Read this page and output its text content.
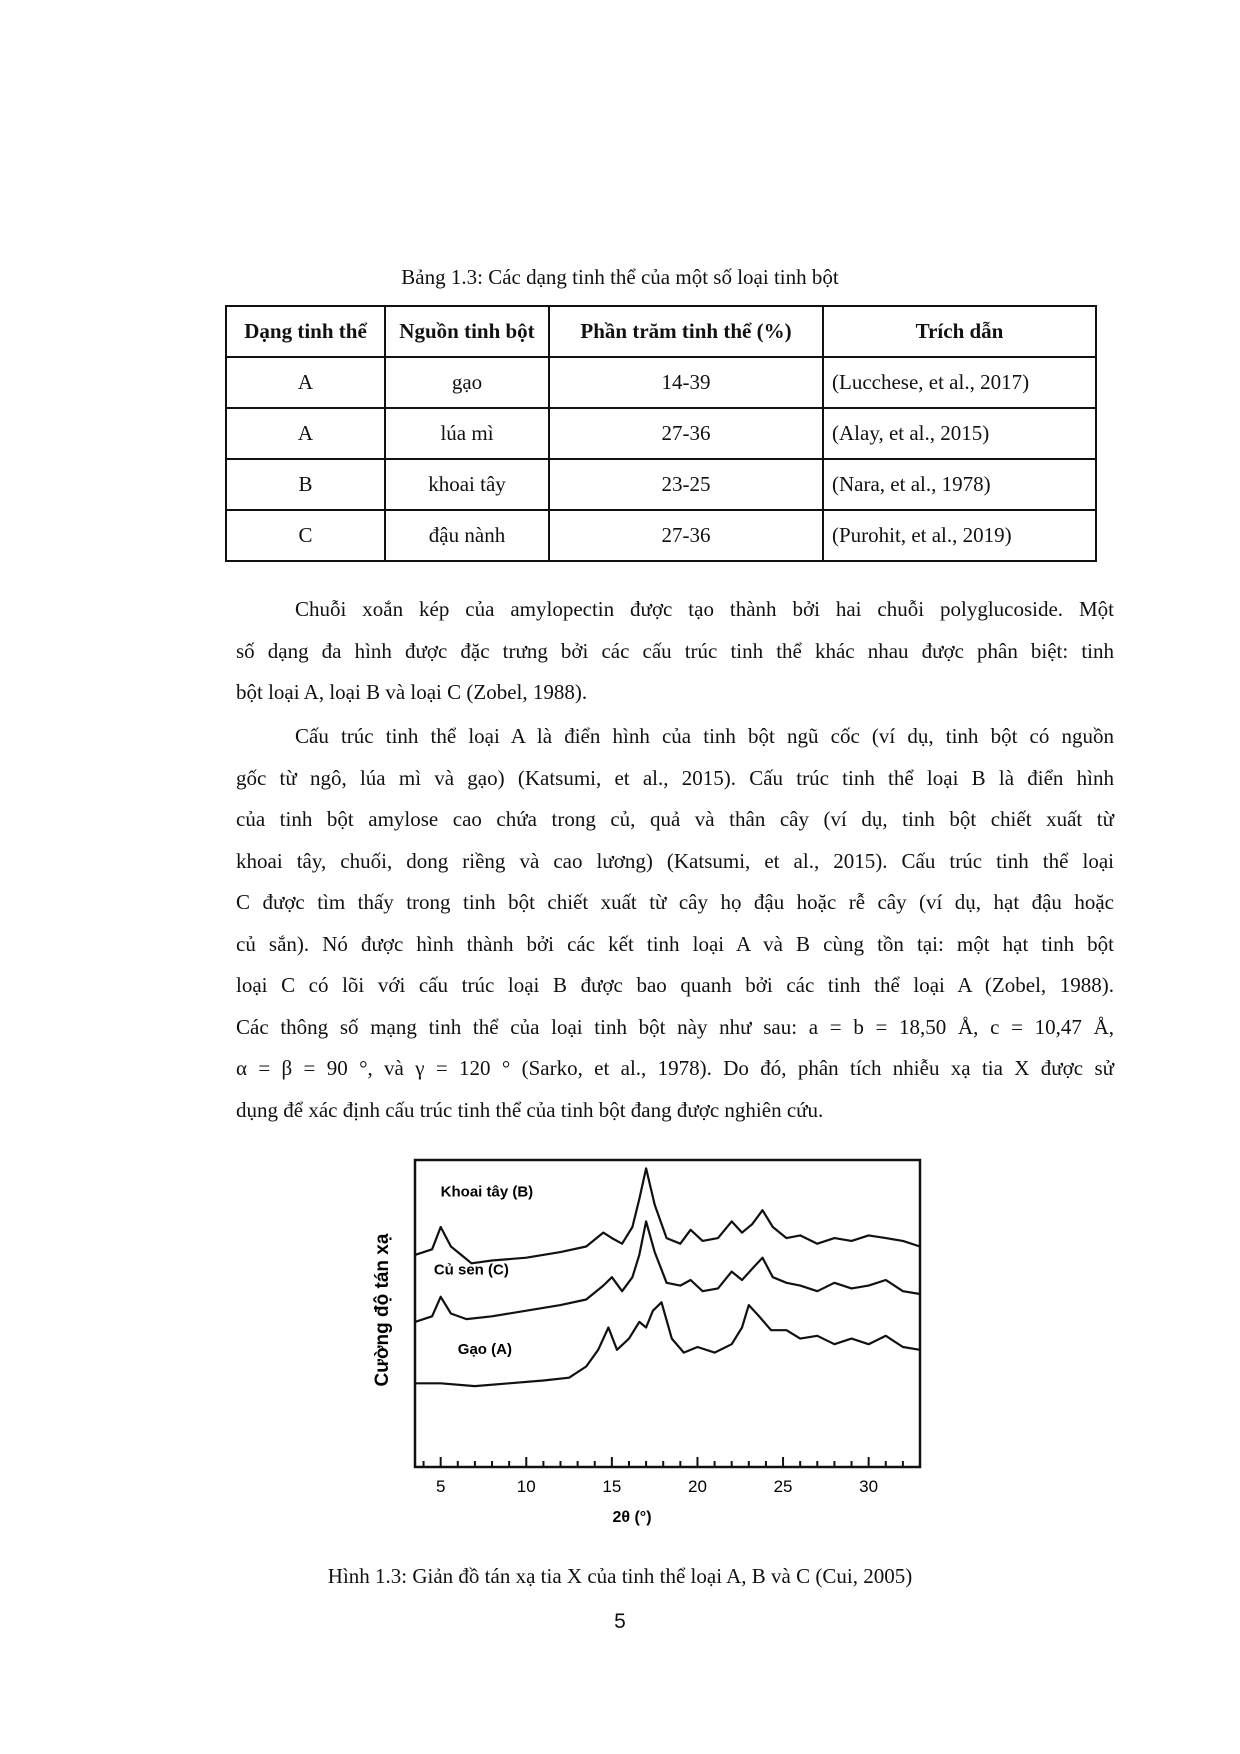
Bảng 1.3: Các dạng tinh thể của một số loại tinh bột
Dạng tinh thể	Nguồn tinh bột	Phần trăm tinh thể (%)	Trích dẫn
A	gạo	14-39	(Lucchese, et al., 2017)
A	lúa mì	27-36	(Alay, et al., 2015)
B	khoai tây	23-25	(Nara, et al., 1978)
C	đậu nành	27-36	(Purohit, et al., 2019)
Chuỗi xoắn kép của amylopectin được tạo thành bởi hai chuỗi polyglucoside. Một
số dạng đa hình được đặc trưng bởi các cấu trúc tinh thể khác nhau được phân biệt: tinh
bột loại A, loại B và loại C (Zobel, 1988).
Cấu trúc tinh thể loại A là điển hình của tinh bột ngũ cốc (ví dụ, tinh bột có nguồn
gốc từ ngô, lúa mì và gạo) (Katsumi, et al., 2015). Cấu trúc tinh thể loại B là điển hình
của tinh bột amylose cao chứa trong củ, quả và thân cây (ví dụ, tinh bột chiết xuất từ
khoai tây, chuối, dong riềng và cao lương) (Katsumi, et al., 2015). Cấu trúc tinh thể loại
C được tìm thấy trong tinh bột chiết xuất từ cây họ đậu hoặc rễ cây (ví dụ, hạt đậu hoặc
củ sắn). Nó được hình thành bởi các kết tinh loại A và B cùng tồn tại: một hạt tinh bột
loại C có lõi với cấu trúc loại B được bao quanh bởi các tinh thể loại A (Zobel, 1988).
Các thông số mạng tinh thể của loại tinh bột này như sau: a = b = 18,50 Å, c = 10,47 Å,
α = β = 90 °, và γ = 120 ° (Sarko, et al., 1978). Do đó, phân tích nhiễu xạ tia X được sử
dụng để xác định cấu trúc tinh thể của tinh bột đang được nghiên cứu.
5	10	15	20	25	30
Khoai tây (B)
Củ sen (C)
Gạo (A)
Cường độ tán xạ
2θ (°)
Hình 1.3: Giản đồ tán xạ tia X của tinh thể loại A, B và C (Cui, 2005)
5
